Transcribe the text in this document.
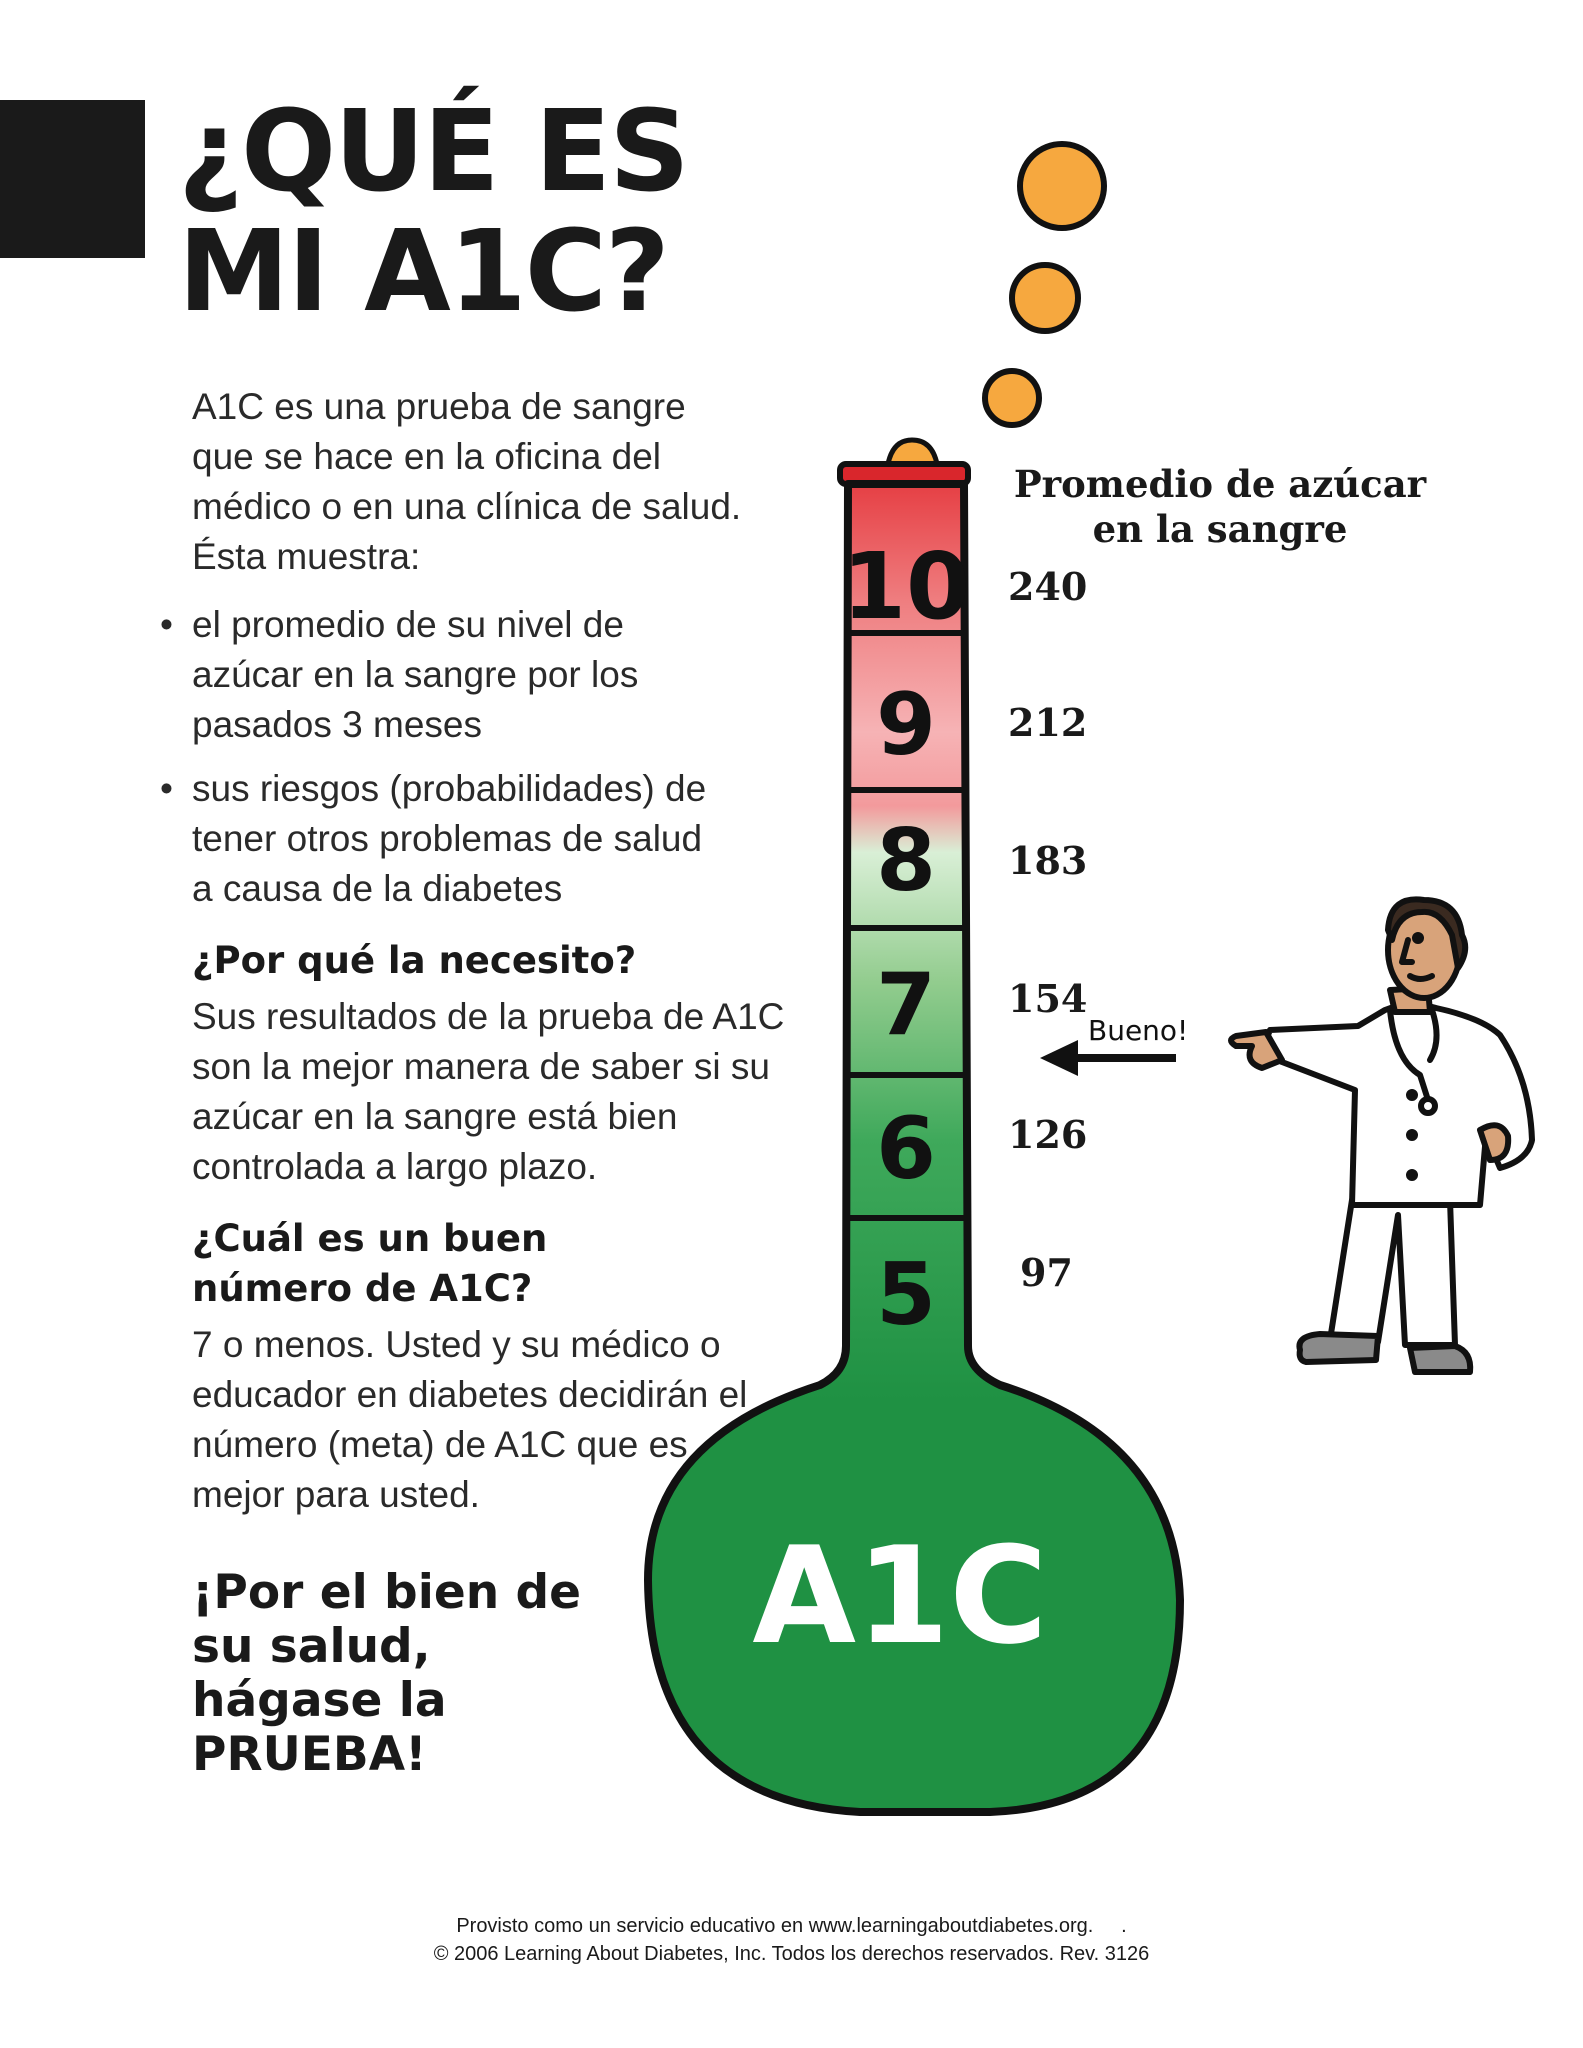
¿QUÉ ES
MI A1C?

A1C es una prueba de sangre que se hace en la oficina del médico o en una clínica de salud. Ésta muestra:

• el promedio de su nivel de azúcar en la sangre por los pasados 3 meses
• sus riesgos (probabilidades) de tener otros problemas de salud a causa de la diabetes
¿Por qué la necesito?

Sus resultados de la prueba de A1C son la mejor manera de saber si su azúcar en la sangre está bien controlada a largo plazo.

¿Cuál es un buen número de A1C?

7 o menos. Usted y su médico o educador en diabetes decidirán el número (meta) de A1C que es mejor para usted.

¡Por el bien de su salud, hágase la PRUEBA!

10
9
8
7
6
5
A1C
Bueno!
Promedio de azúcar en la sangre
240
212
183
154
126
97
Provisto como un servicio educativo en www.learningaboutdiabetes.org.     .
© 2006 Learning About Diabetes, Inc. Todos los derechos reservados. Rev. 3126
